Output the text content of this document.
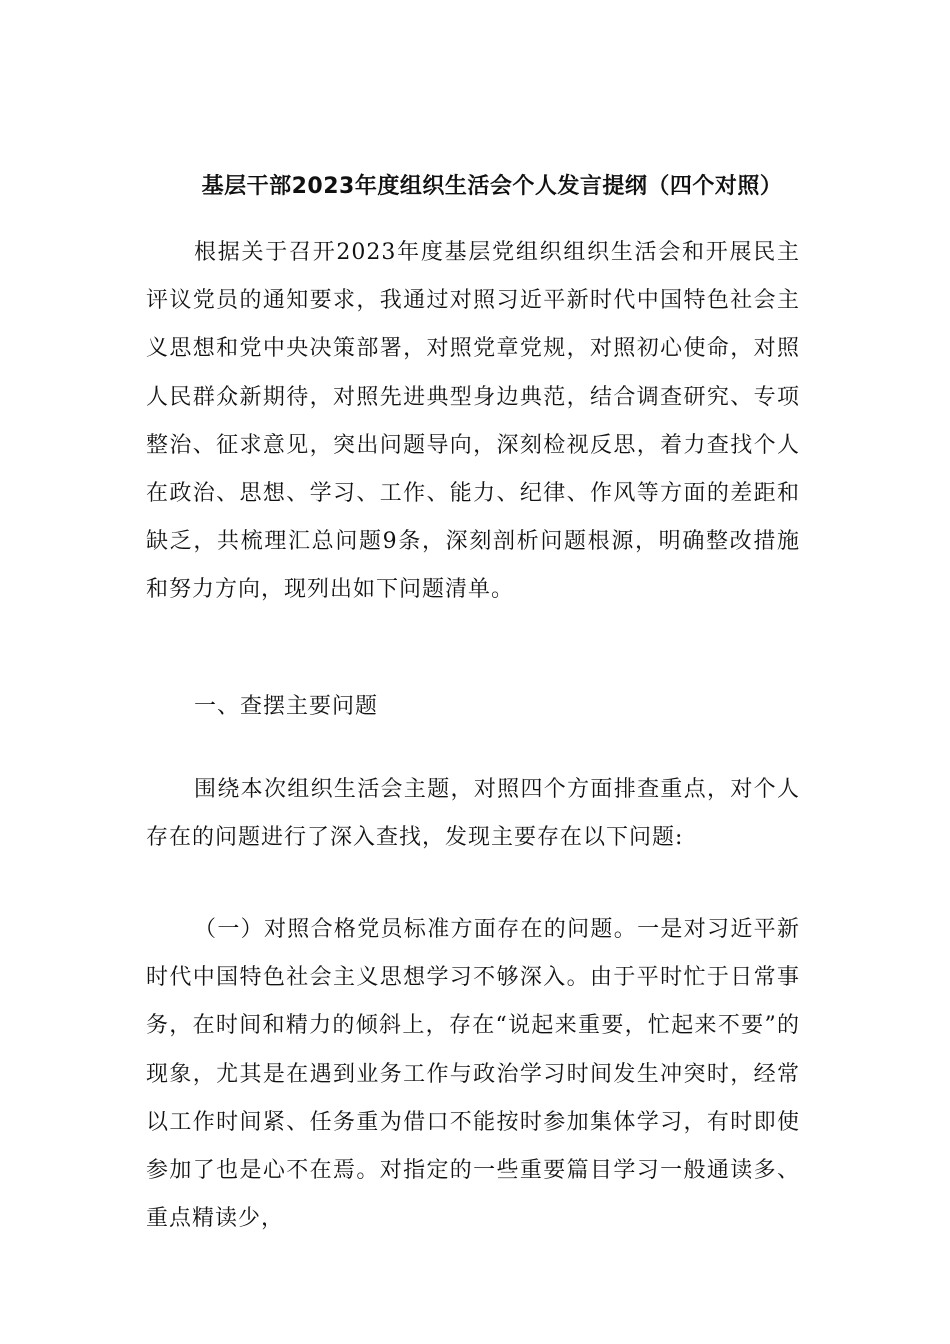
基层干部2023年度组织生活会个人发言提纲（四个对照）

根据关于召开2023年度基层党组织组织生活会和开展民主评议党员的通知要求，我通过对照习近平新时代中国特色社会主义思想和党中央决策部署，对照党章党规，对照初心使命，对照人民群众新期待，对照先进典型身边典范，结合调查研究、专项整治、征求意见，突出问题导向，深刻检视反思，着力查找个人在政治、思想、学习、工作、能力、纪律、作风等方面的差距和缺乏，共梳理汇总问题9条，深刻剖析问题根源，明确整改措施和努力方向，现列出如下问题清单。

一、查摆主要问题

围绕本次组织生活会主题，对照四个方面排查重点，对个人存在的问题进行了深入查找，发现主要存在以下问题:

（一）对照合格党员标准方面存在的问题。一是对习近平新时代中国特色社会主义思想学习不够深入。由于平时忙于日常事务，在时间和精力的倾斜上，存在“说起来重要，忙起来不要”的现象，尤其是在遇到业务工作与政治学习时间发生冲突时，经常以工作时间紧、任务重为借口不能按时参加集体学习，有时即使参加了也是心不在焉。对指定的一些重要篇目学习一般通读多、重点精读少，
